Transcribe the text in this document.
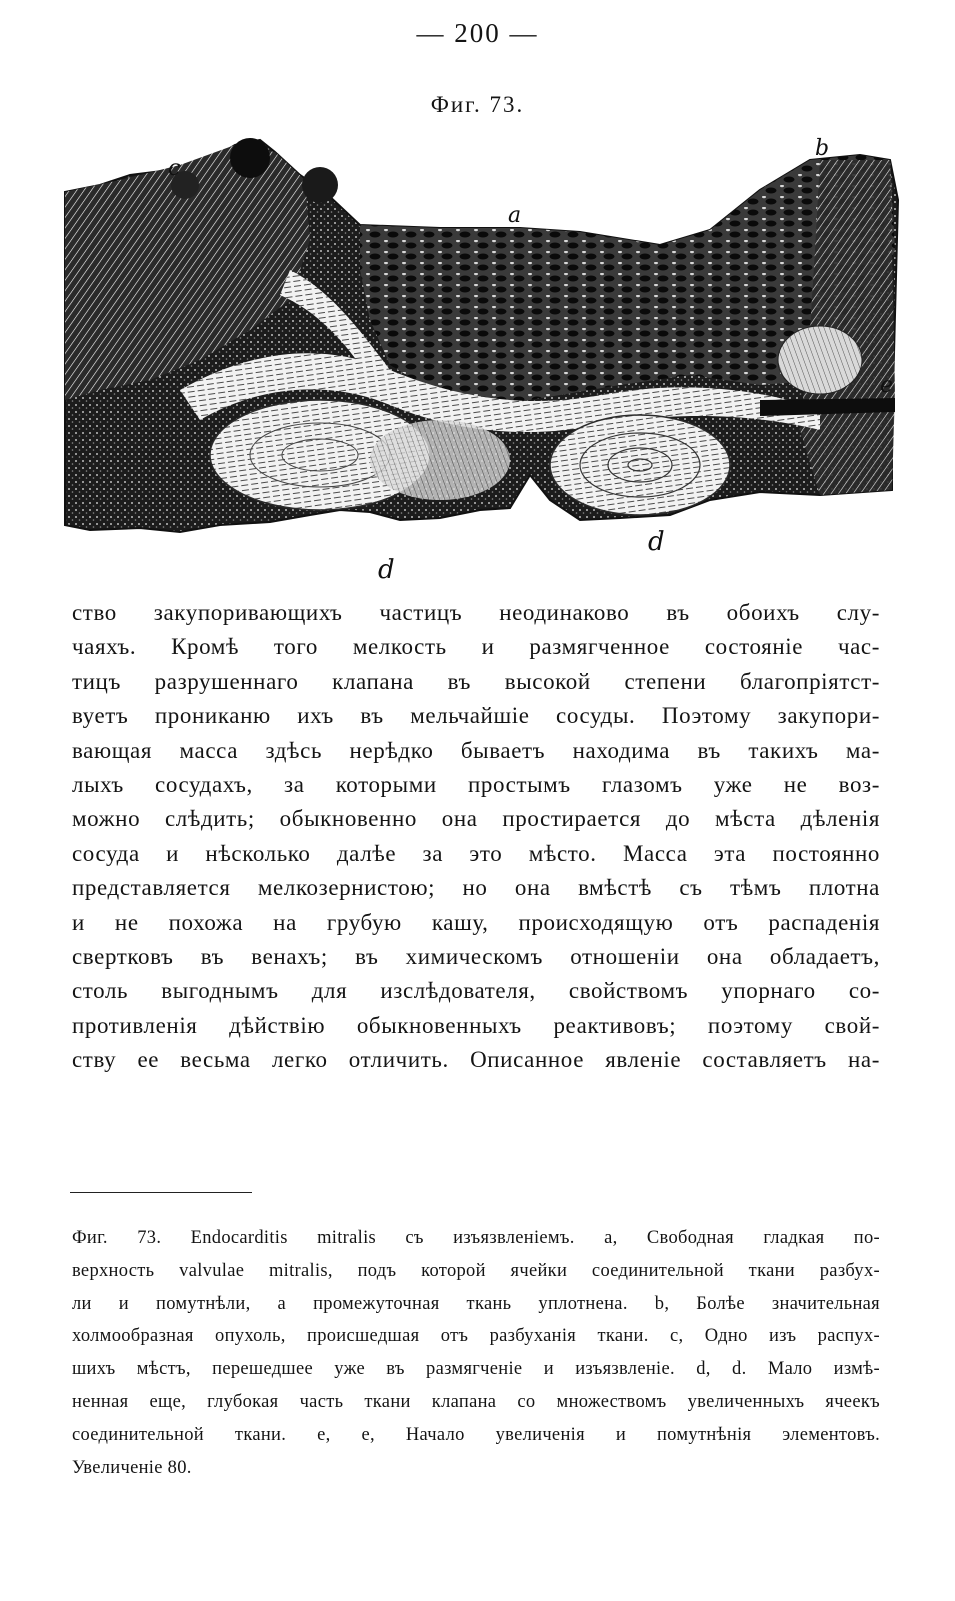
— 200 —
Фиг. 73.
c
b
a
e
d
d
ство закупоривающихъ частицъ неодинаково въ обоихъ слу-
чаяхъ. Кромѣ того мелкость и размягченное состояніе час-
тицъ разрушеннаго клапана въ высокой степени благопріятст-
вуетъ прониканю ихъ въ мельчайшіе сосуды. Поэтому закупори-
вающая масса здѣсь нерѣдко бываетъ находима въ такихъ ма-
лыхъ сосудахъ, за которыми простымъ глазомъ уже не воз-
можно слѣдить; обыкновенно она простирается до мѣста дѣленія
сосуда и нѣсколько далѣе за это мѣсто. Масса эта постоянно
представляется мелкозернистою; но она вмѣстѣ съ тѣмъ плотна
и не похожа на грубую кашу, происходящую отъ распаденія
свертковъ въ венахъ; въ химическомъ отношеніи она обладаетъ,
столь выгоднымъ для изслѣдователя, свойствомъ упорнаго со-
противленія дѣйствію обыкновенныхъ реактивовъ; поэтому свой-
ству ее весьма легко отличить. Описанное явленіе составляетъ на-
Фиг. 73. Endocarditis mitralis съ изъязвленіемъ. a, Свободная гладкая по-
верхность valvulae mitralis, подъ которой ячейки соединительной ткани разбух-
ли и помутнѣли, а промежуточная ткань уплотнена. b, Болѣе значительная
холмообразная опухоль, происшедшая отъ разбуханія ткани. c, Одно изъ распух-
шихъ мѣстъ, перешедшее уже въ размягченіе и изъязвленіе. d, d. Мало измѣ-
ненная еще, глубокая часть ткани клапана со множествомъ увеличенныхъ ячеекъ
соединительной ткани. e, e, Начало увеличенія и помутнѣнія элементовъ.
Увеличеніе 80.
